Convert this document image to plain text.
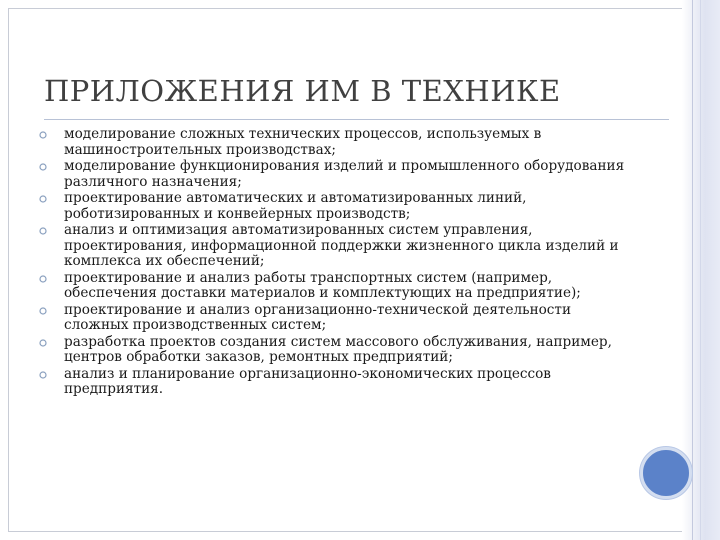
ПРИЛОЖЕНИЯ ИМ В ТЕХНИКЕ
моделирование сложных технических процессов, используемых в машиностроительных производствах;
моделирование функционирования изделий и промышленного оборудования различного назначения;
проектирование автоматических и автоматизированных линий, роботизированных и конвейерных производств;
анализ и оптимизация автоматизированных систем управления, проектирования, информационной поддержки жизненного цикла изделий и комплекса их обеспечений;
проектирование и анализ работы транспортных систем (например, обеспечения доставки материалов и комплектующих на предприятие);
проектирование и анализ организационно-технической деятельности сложных производственных систем;
разработка проектов создания систем массового обслуживания, например, центров обработки заказов, ремонтных предприятий;
анализ и планирование организационно-экономических процессов предприятия.
